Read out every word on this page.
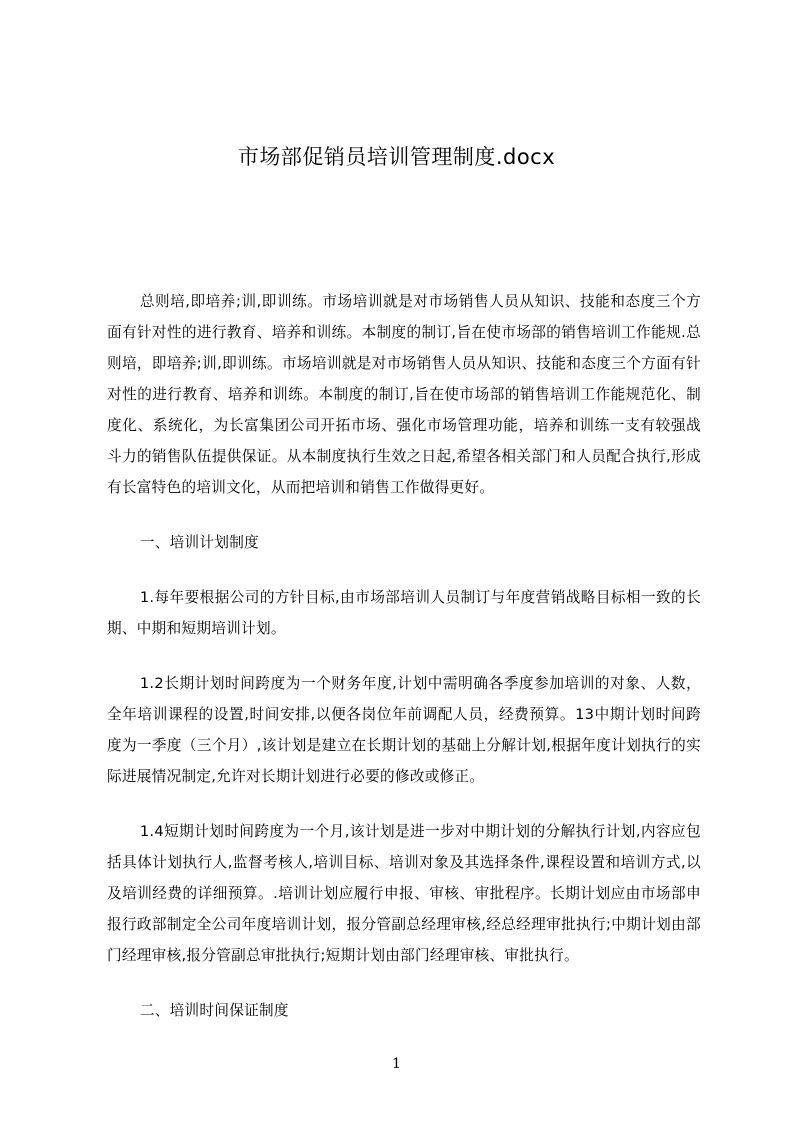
市场部促销员培训管理制度.docx

总则培,即培养;训,即训练。市场培训就是对市场销售人员从知识、技能和态度三个方面有针对性的进行教育、培养和训练。本制度的制订,旨在使市场部的销售培训工作能规.总则培，即培养;训,即训练。市场培训就是对市场销售人员从知识、技能和态度三个方面有针对性的进行教育、培养和训练。本制度的制订,旨在使市场部的销售培训工作能规范化、制度化、系统化，为长富集团公司开拓市场、强化市场管理功能，培养和训练一支有较强战斗力的销售队伍提供保证。从本制度执行生效之日起,希望各相关部门和人员配合执行,形成有长富特色的培训文化，从而把培训和销售工作做得更好。

一、培训计划制度

1.每年要根据公司的方针目标,由市场部培训人员制订与年度营销战略目标相一致的长期、中期和短期培训计划。

1.2长期计划时间跨度为一个财务年度,计划中需明确各季度参加培训的对象、人数，全年培训课程的设置,时间安排,以便各岗位年前调配人员，经费预算。13中期计划时间跨度为一季度（三个月）,该计划是建立在长期计划的基础上分解计划,根据年度计划执行的实际进展情况制定,允许对长期计划进行必要的修改或修正。

1.4短期计划时间跨度为一个月,该计划是进一步对中期计划的分解执行计划,内容应包括具体计划执行人,监督考核人,培训目标、培训对象及其选择条件,课程设置和培训方式,以及培训经费的详细预算。.培训计划应履行申报、审核、审批程序。长期计划应由市场部申报行政部制定全公司年度培训计划，报分管副总经理审核,经总经理审批执行;中期计划由部门经理审核,报分管副总审批执行;短期计划由部门经理审核、审批执行。

二、培训时间保证制度

1
